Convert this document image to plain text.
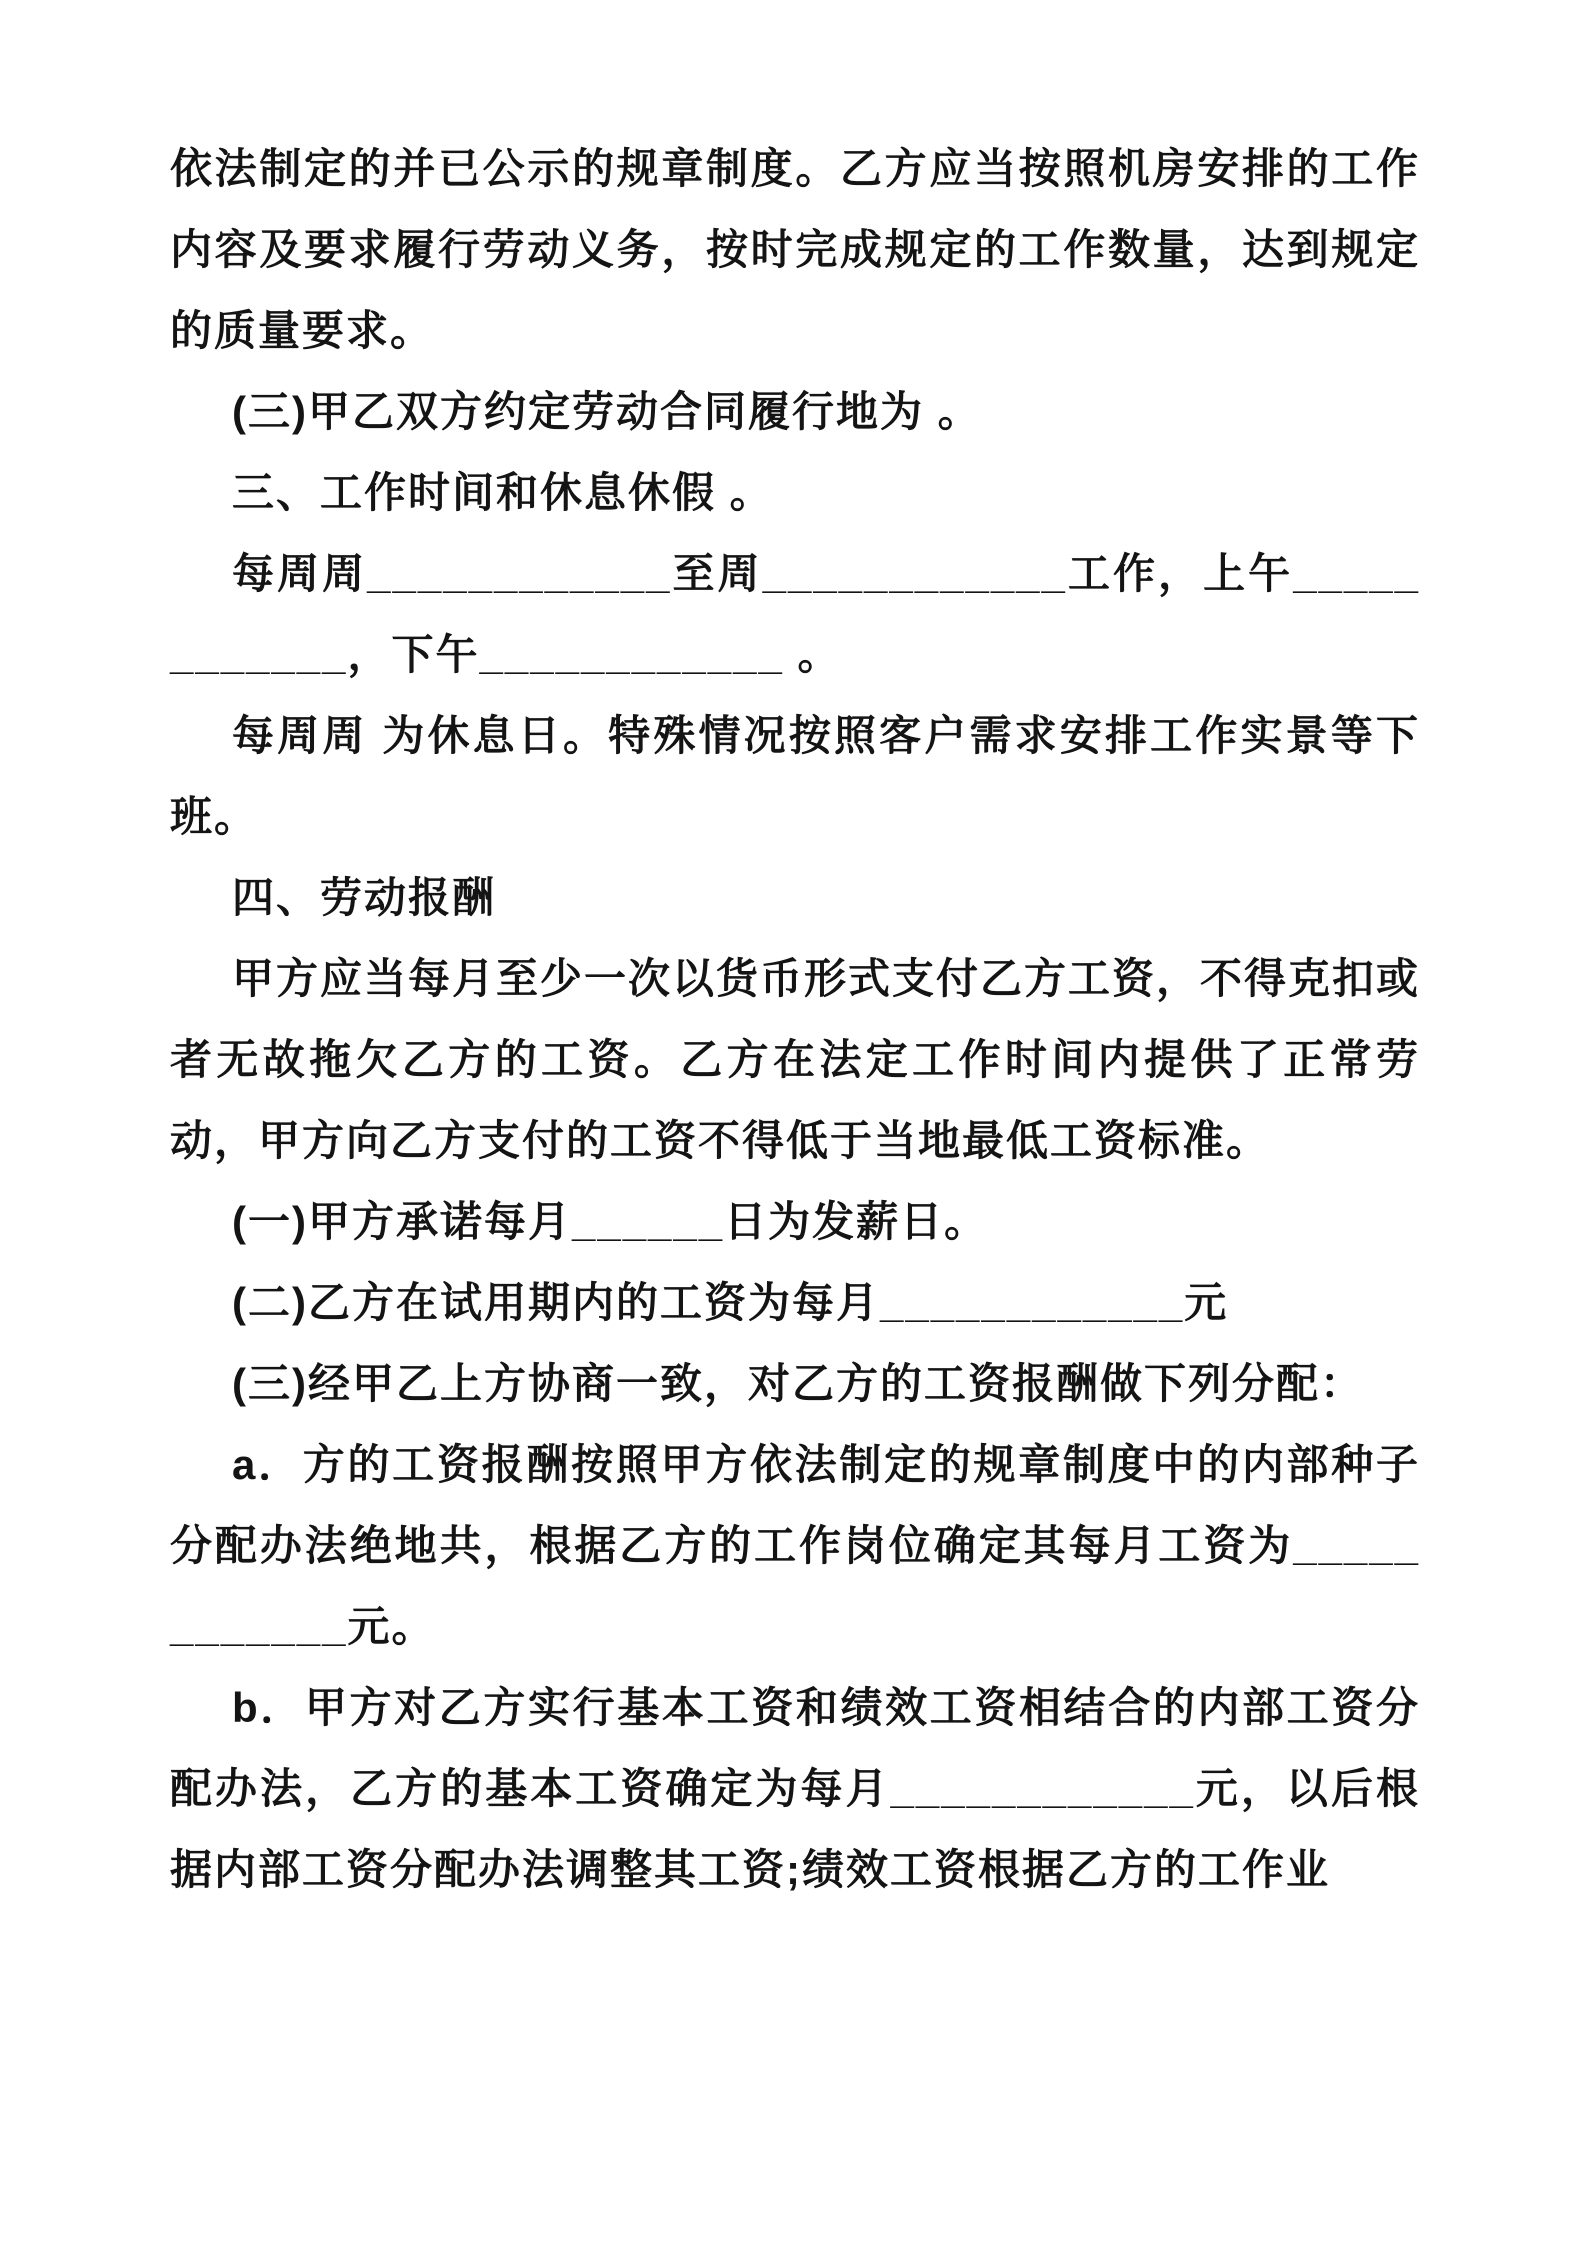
依法制定的并已公示的规章制度。乙方应当按照机房安排的工作内容及要求履行劳动义务，按时完成规定的工作数量，达到规定的质量要求。

(三)甲乙双方约定劳动合同履行地为 。

三、工作时间和休息休假 。

每周周____________至周____________工作，上午____________，下午____________ 。

每周周 为休息日。特殊情况按照客户需求安排工作实景等下班。

四、劳动报酬

甲方应当每月至少一次以货币形式支付乙方工资，不得克扣或者无故拖欠乙方的工资。乙方在法定工作时间内提供了正常劳动，甲方向乙方支付的工资不得低于当地最低工资标准。

(一)甲方承诺每月______日为发薪日。

(二)乙方在试用期内的工资为每月____________元

(三)经甲乙上方协商一致，对乙方的工资报酬做下列分配：

a．方的工资报酬按照甲方依法制定的规章制度中的内部种子分配办法绝地共，根据乙方的工作岗位确定其每月工资为____________元。

b．甲方对乙方实行基本工资和绩效工资相结合的内部工资分配办法，乙方的基本工资确定为每月____________元，以后根据内部工资分配办法调整其工资;绩效工资根据乙方的工作业
